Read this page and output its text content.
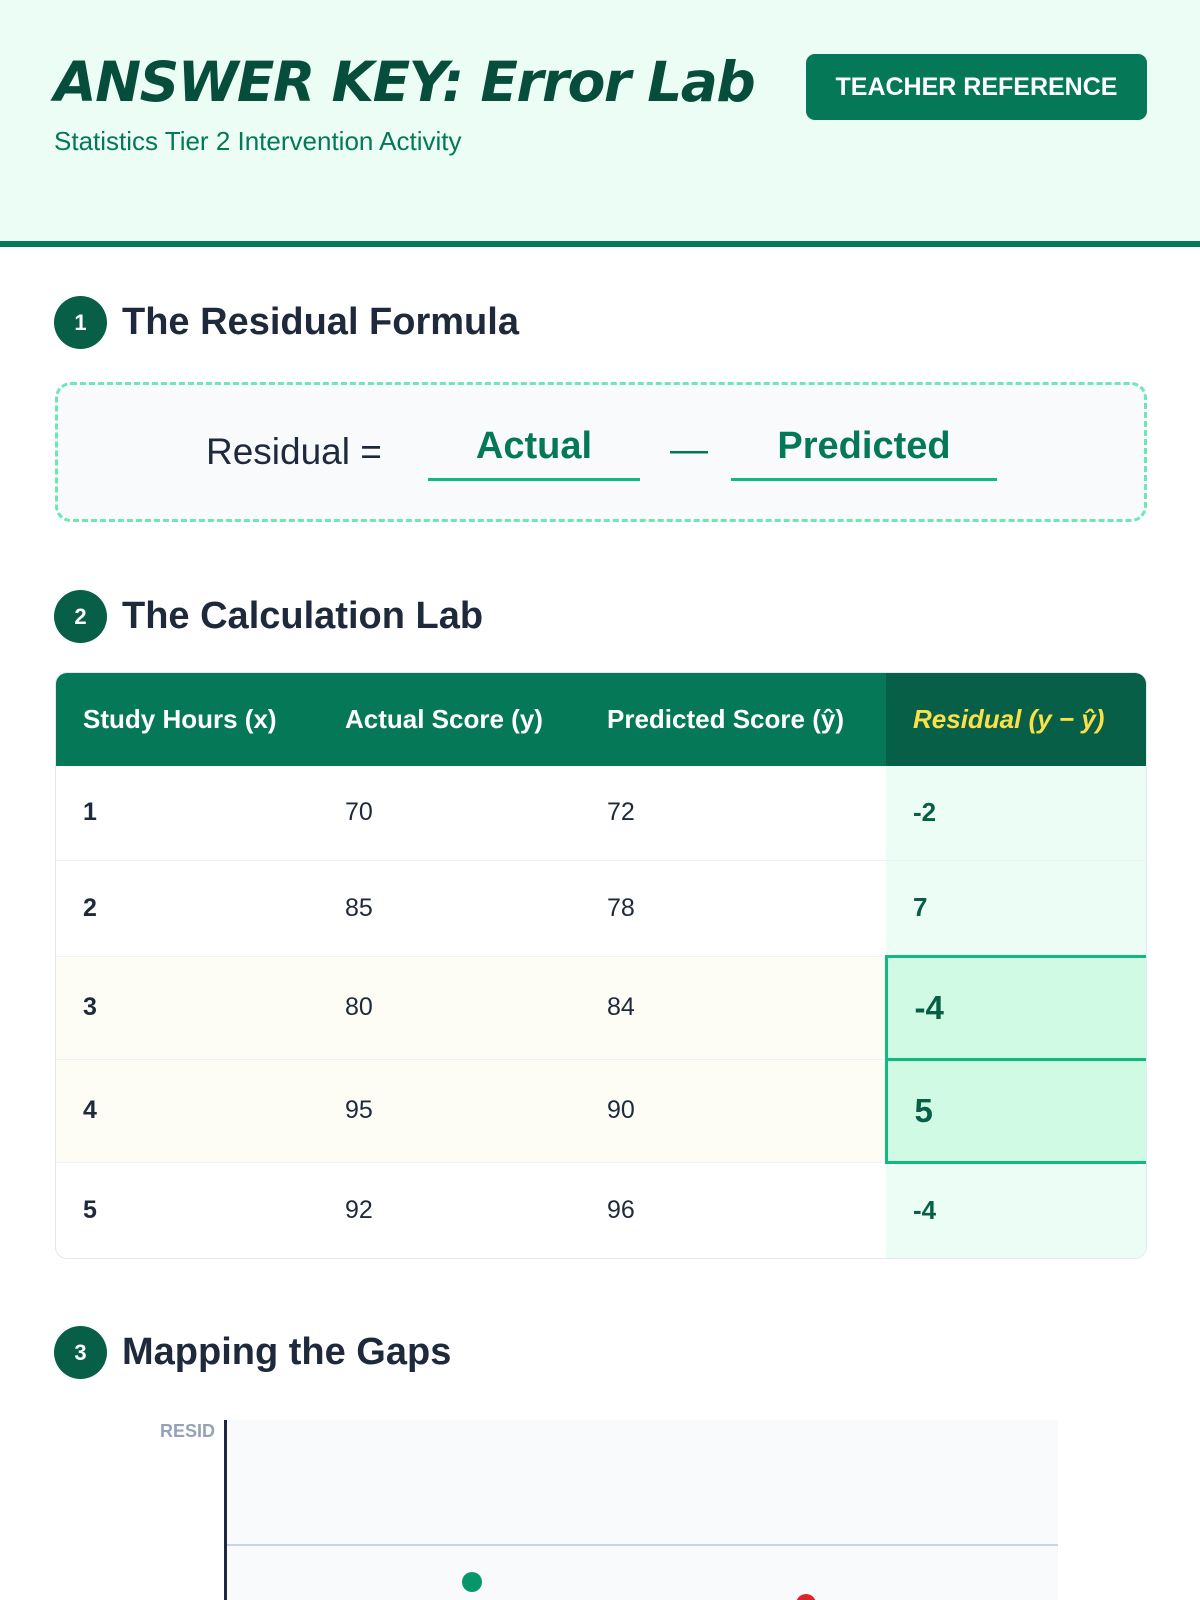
ANSWER KEY: Error Lab
Statistics Tier 2 Intervention Activity
TEACHER REFERENCE
1 The Residual Formula
Residual =	Actual	—	Predicted
2 The Calculation Lab
Study Hours (x)	Actual Score (y)	Predicted Score (ŷ)	Residual (y − ŷ)
1	70	72	-2
2	85	78	7
3	80	84	-4
4	95	90	5
5	92	96	-4
3 Mapping the Gaps
RESID
